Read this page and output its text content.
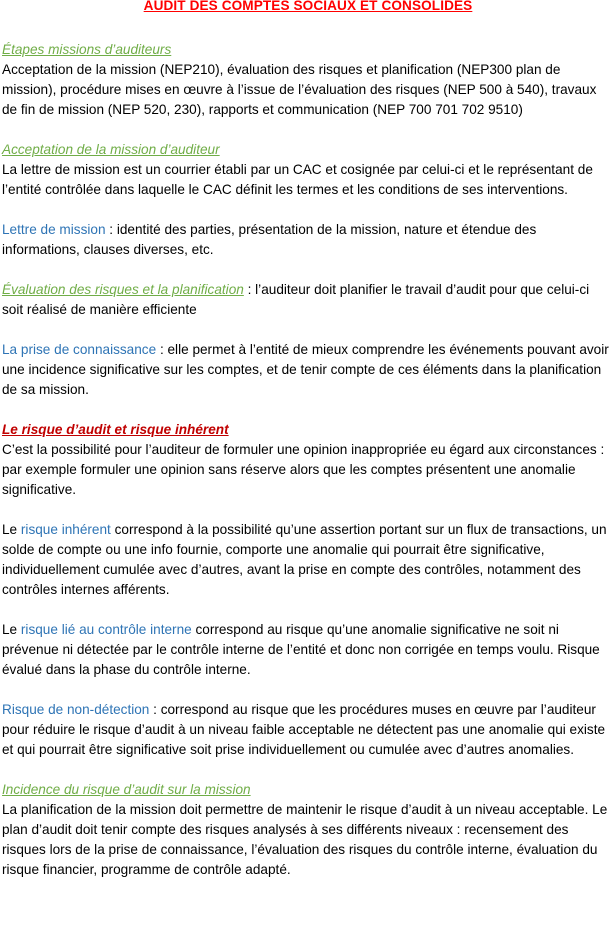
AUDIT DES COMPTES SOCIAUX ET CONSOLIDES
Étapes missions d’auditeurs

Acceptation de la mission (NEP210), évaluation des risques et planification (NEP300 plan de mission), procédure mises en œuvre à l’issue de l’évaluation des risques (NEP 500 à 540), travaux de fin de mission (NEP 520, 230), rapports et communication (NEP 700 701 702 9510)

Acceptation de la mission d’auditeur

La lettre de mission est un courrier établi par un CAC et cosignée par celui-ci et le représentant de l’entité contrôlée dans laquelle le CAC définit les termes et les conditions de ses interventions.

Lettre de mission : identité des parties, présentation de la mission, nature et étendue des informations, clauses diverses, etc.

Évaluation des risques et la planification : l’auditeur doit planifier le travail d’audit pour que celui-ci soit réalisé de manière efficiente

La prise de connaissance : elle permet à l’entité de mieux comprendre les événements pouvant avoir une incidence significative sur les comptes, et de tenir compte de ces éléments dans la planification de sa mission.

Le risque d’audit et risque inhérent

C’est la possibilité pour l’auditeur de formuler une opinion inappropriée eu égard aux circonstances : par exemple formuler une opinion sans réserve alors que les comptes présentent une anomalie significative.

Le risque inhérent correspond à la possibilité qu’une assertion portant sur un flux de transactions, un solde de compte ou une info fournie, comporte une anomalie qui pourrait être significative, individuellement cumulée avec d’autres, avant la prise en compte des contrôles, notamment des contrôles internes afférents.

Le risque lié au contrôle interne correspond au risque qu’une anomalie significative ne soit ni prévenue ni détectée par le contrôle interne de l’entité et donc non corrigée en temps voulu. Risque évalué dans la phase du contrôle interne.

Risque de non-détection : correspond au risque que les procédures muses en œuvre par l’auditeur pour réduire le risque d’audit à un niveau faible acceptable ne détectent pas une anomalie qui existe et qui pourrait être significative soit prise individuellement ou cumulée avec d’autres anomalies.

Incidence du risque d’audit sur la mission

La planification de la mission doit permettre de maintenir le risque d’audit à un niveau acceptable. Le plan d’audit doit tenir compte des risques analysés à ses différents niveaux : recensement des risques lors de la prise de connaissance, l’évaluation des risques du contrôle interne, évaluation du risque financier, programme de contrôle adapté.
